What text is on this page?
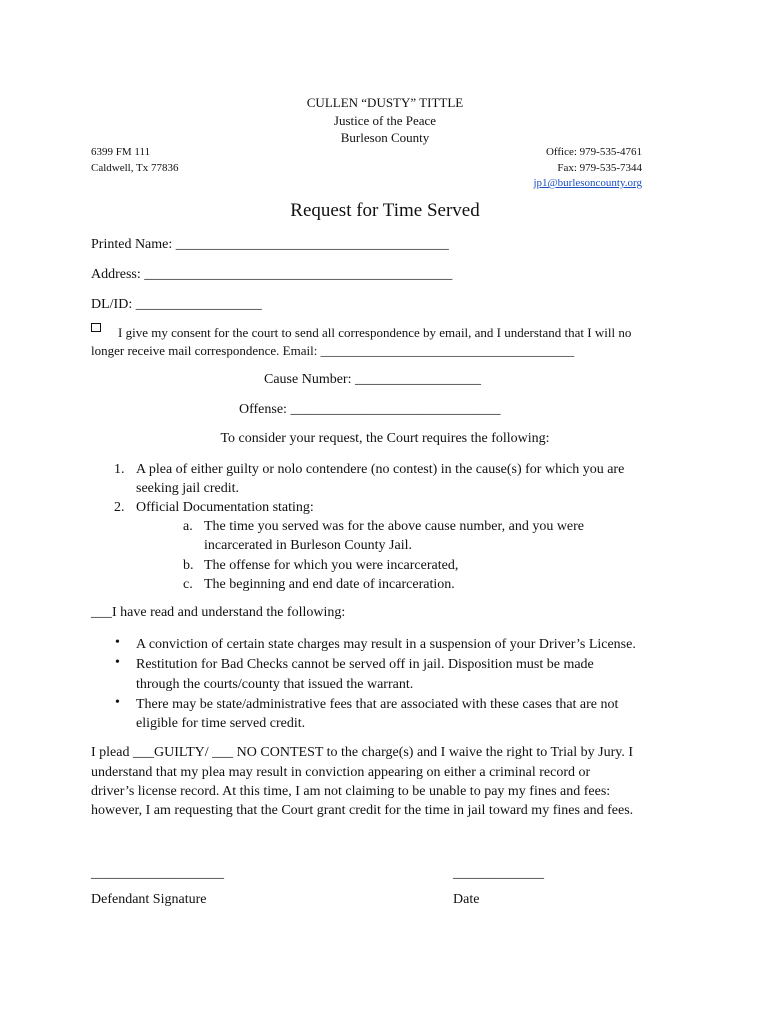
CULLEN “DUSTY” TITTLE
Justice of the Peace
Burleson County
6399 FM 111
Caldwell, Tx 77836
Office: 979-535-4761
Fax: 979-535-7344
jp1@burlesoncounty.org
Request for Time Served
Printed Name: _______________________________________
Address: ____________________________________________
DL/ID: __________________
I give my consent for the court to send all correspondence by email, and I understand that I will no
longer receive mail correspondence. Email: _______________________________________
Cause Number: __________________
Offense: ______________________________
To consider your request, the Court requires the following:
1. A plea of either guilty or nolo contendere (no contest) in the cause(s) for which you are
seeking jail credit.
2. Official Documentation stating:
a. The time you served was for the above cause number, and you were
incarcerated in Burleson County Jail.
b. The offense for which you were incarcerated,
c. The beginning and end date of incarceration.
___I have read and understand the following:
• A conviction of certain state charges may result in a suspension of your Driver’s License.
• Restitution for Bad Checks cannot be served off in jail. Disposition must be made
through the courts/county that issued the warrant.
• There may be state/administrative fees that are associated with these cases that are not
eligible for time served credit.
I plead ___GUILTY/ ___ NO CONTEST to the charge(s) and I waive the right to Trial by Jury. I
understand that my plea may result in conviction appearing on either a criminal record or
driver’s license record. At this time, I am not claiming to be unable to pay my fines and fees:
however, I am requesting that the Court grant credit for the time in jail toward my fines and fees.
___________________	_____________
Defendant Signature	Date
